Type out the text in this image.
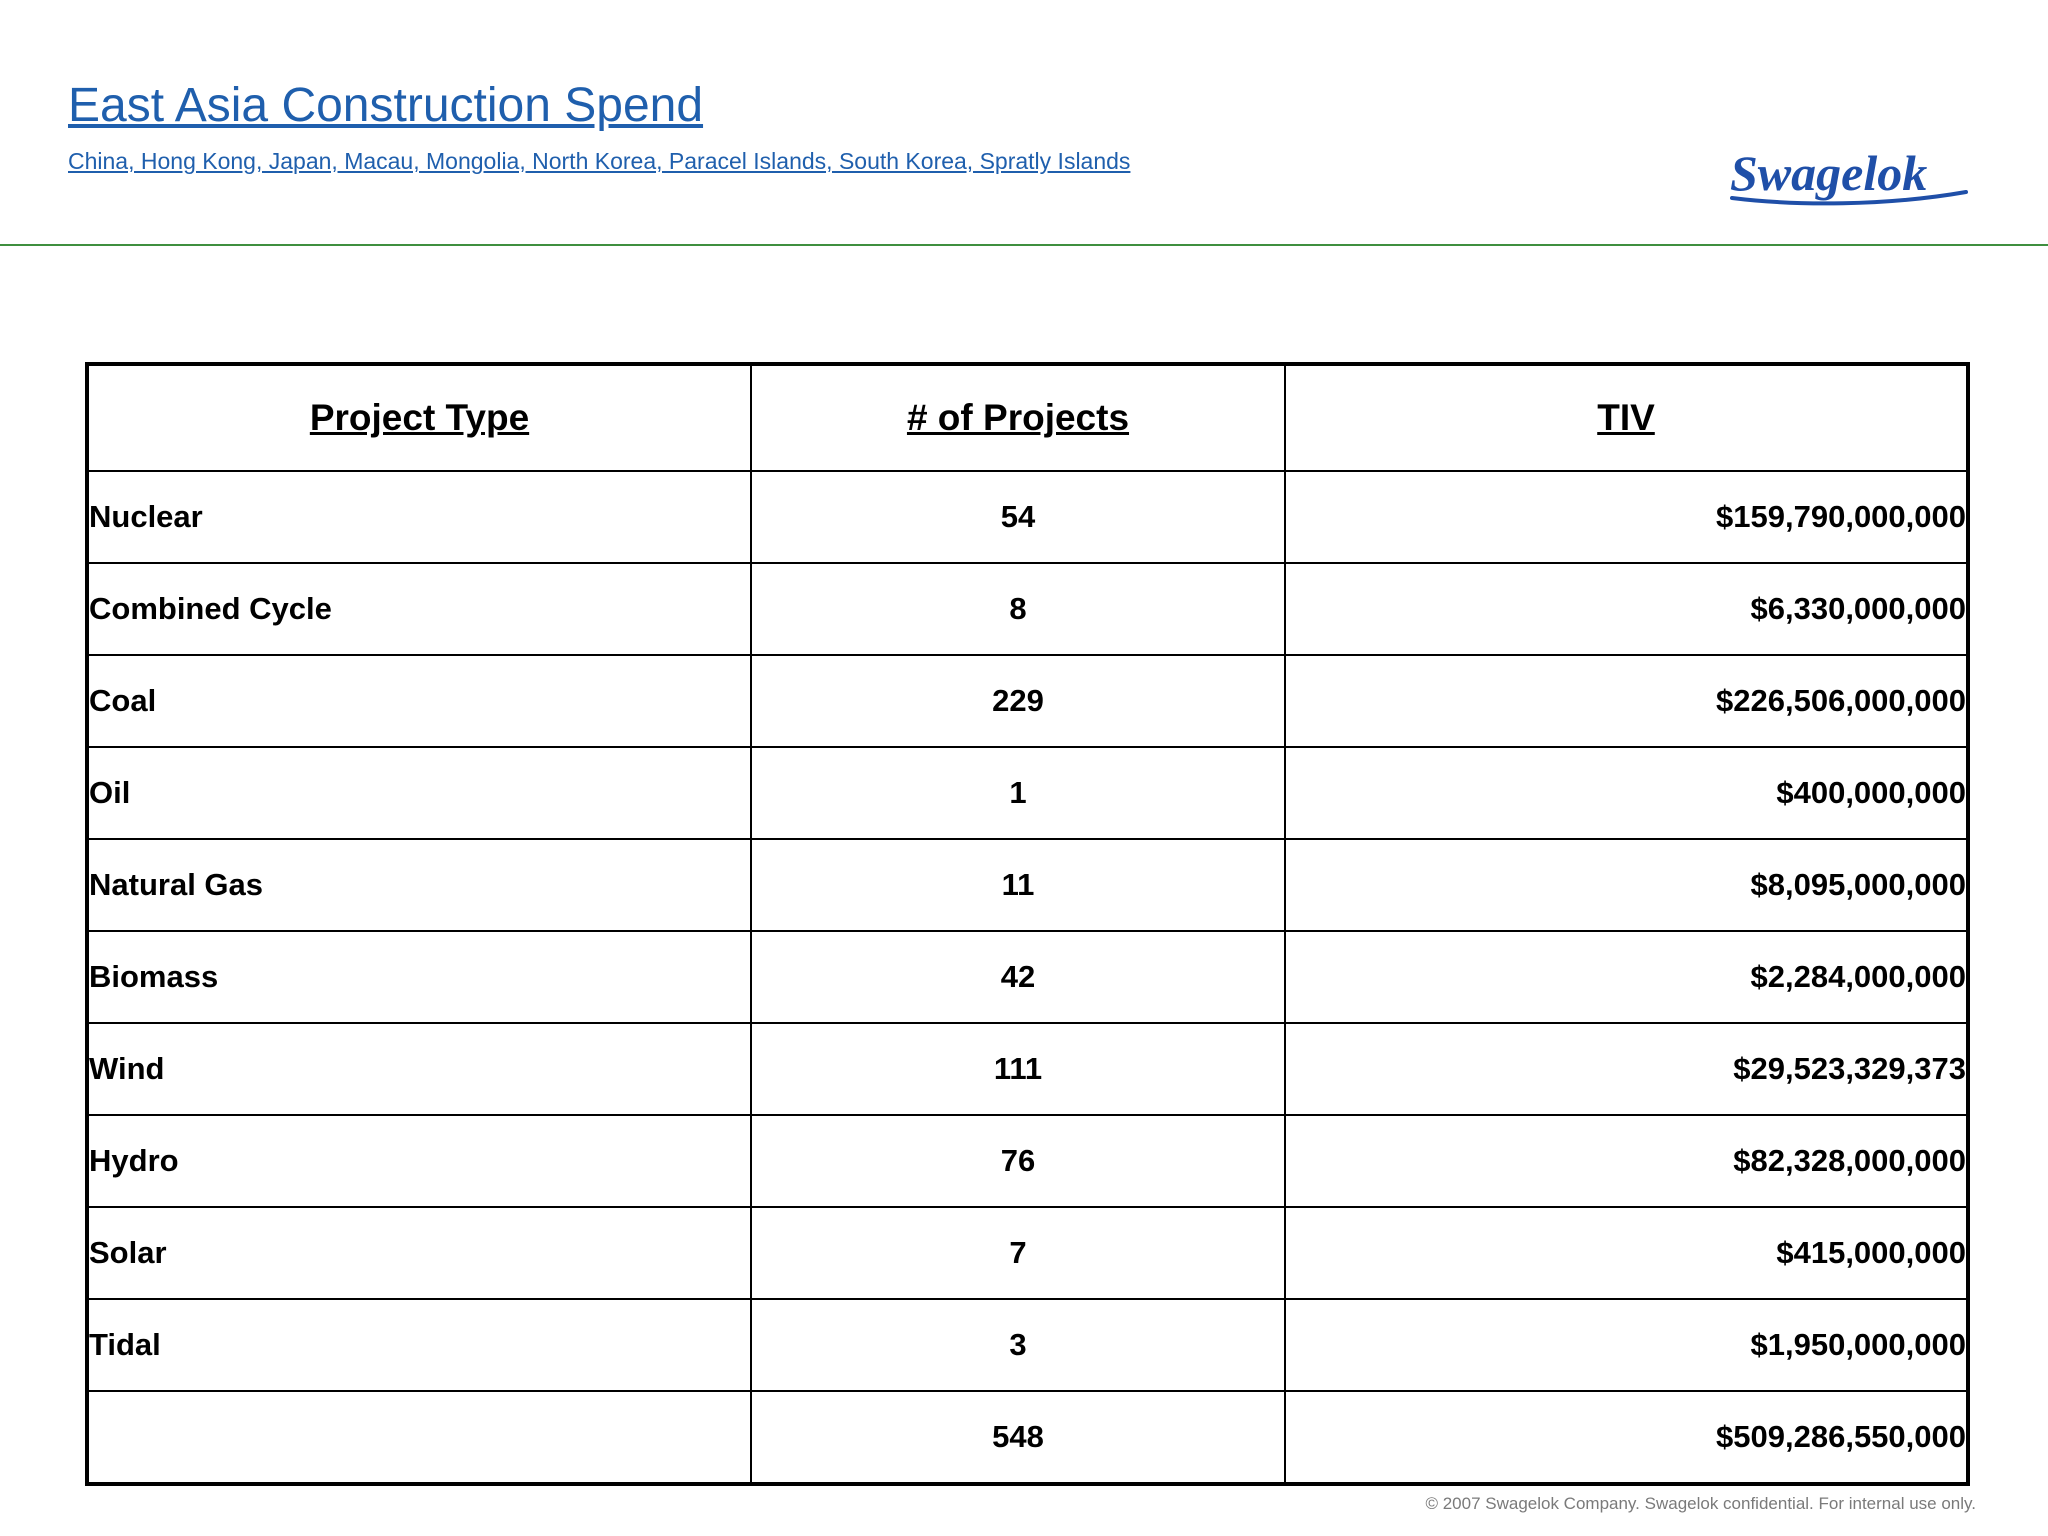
East Asia Construction Spend
China, Hong Kong, Japan, Macau, Mongolia, North Korea, Paracel Islands, South Korea, Spratly Islands	Swagelok
Project Type	# of Projects	TIV
Nuclear	54	$159,790,000,000
Combined Cycle	8	$6,330,000,000
Coal	229	$226,506,000,000
Oil	1	$400,000,000
Natural Gas	11	$8,095,000,000
Biomass	42	$2,284,000,000
Wind	111	$29,523,329,373
Hydro	76	$82,328,000,000
Solar	7	$415,000,000
Tidal	3	$1,950,000,000
	548	$509,286,550,000
© 2007 Swagelok Company. Swagelok confidential. For internal use only.
